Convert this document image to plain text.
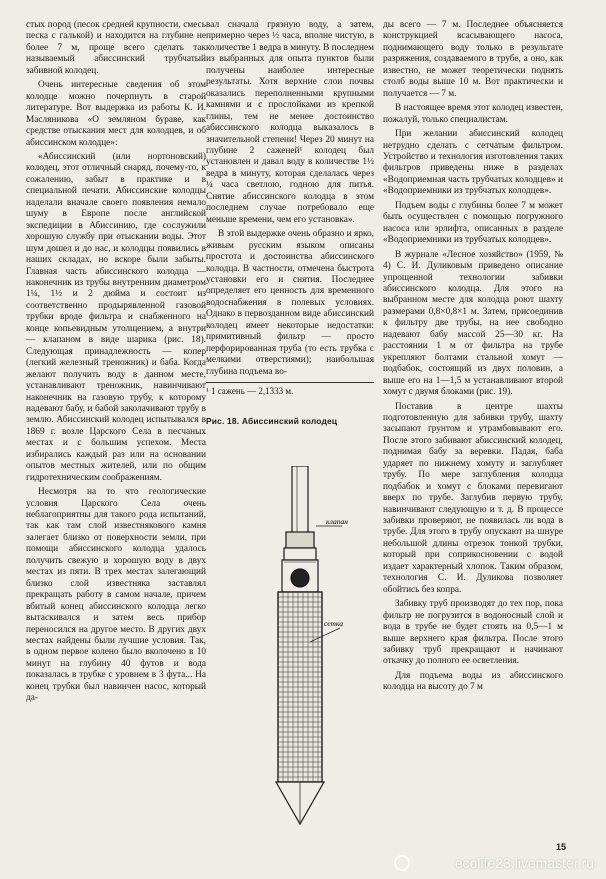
стых пород (песок средней крупности, смесь песка с галькой) и находится на глубине не более 7 м, проще всего сделать так называемый абиссинский трубчатый забивной колодец.

Очень интересные сведения об этом колодце можно почерпнуть в старой литературе. Вот выдержка из работы К. И. Масляникова «О земляном бураве, как средстве отыскания мест для колодцев, и об абиссинском колодце»:

«Абиссинский (или нортоновский) колодец, этот отличный снаряд, почему-то, к сожалению, забыт в практике и в специальной печати. Абиссинские колодцы наделали вначале своего появления немало шуму в Европе после английской экспедиции в Абиссинию, где сослужили хорошую службу при отыскании воды. Этот шум дошел и до нас, и колодцы появились в наших складах, но вскоре были забыты. Главная часть абиссинского колодца — наконечник из трубы внутренним диаметром 1¼, 1½ и 2 дюйма и состоит из соответственно продырявленной газовой трубки вроде фильтра и снабженного на конце копьевидным утолщением, а внутри — клапаном в виде шарика (рис. 18). Следующая принадлежность — копер (легкий железный треножник) и баба. Когда желают получить воду в данном месте, устанавливают треножник, навинчивают наконечник на газовую трубу, к которому надевают бабу, и бабой заколачивают трубу в землю. Абиссинский колодец испытывался в 1869 г. возле Царского Села в песчаных местах и с большим успехом. Места избирались каждый раз или на основании опытов местных жителей, или по общим гидротехническим соображениям.

Несмотря на то что геологические условия Царского Села очень неблагоприятны для такого рода испытаний, так как там слой известнякового камня залегает близко от поверхности земли, при помощи абиссинского колодца удалось получить свежую и хорошую воду в двух местах из пяти. В трех местах залегающий близко слой известняка заставлял прекращать работу в самом начале, причем вбитый конец абиссинского колодца легко вытаскивался и затем весь прибор переносился на другое место. В других двух местах найдены были лучшие условия. Так, в одном первое колено было вколочено в 10 минут на глубину 40 футов и вода показалась в трубке с уровнем в 3 фута... На конец трубки был навинчен насос, который да-

вал сначала грязную воду, а затем, примерно через ½ часа, вполне чистую, в количестве 1 ведра в минуту. В последнем из выбранных для опыта пунктов были получены наиболее интересные результаты. Хотя верхние слои почвы оказались переполненными крупными камнями и с прослойками из крепкой глины, тем не менее достоинство абиссинского колодца выказалось в значительной степени! Через 20 минут на глубине 2 саженей¹ колодец был установлен и давал воду в количестве 1½ ведра в минуту, которая сделалась через ¼ часа светлою, годною для питья. Снятие абиссинского колодца в этом последнем случае потребовало еще меньше времени, чем его установка».

В этой выдержке очень образно и ярко, живым русским языком описаны простота и достоинства абиссинского колодца. В частности, отмечена быстрота установки его и снятия. Последнее определяет его ценность для временного водоснабжения в полевых условиях. Однако в первозданном виде абиссинский колодец имеет некоторые недостатки: примитивный фильтр — просто перфорированная труба (то есть трубка с мелкими отверстиями); наибольшая глубина подъема во-

¹ 1 сажень — 2,1333 м.
Рис. 18. Абиссинский колодец
клапан
сетка

ды всего — 7 м. Последнее объясняется конструкцией всасывающего насоса, поднимающего воду только в результате разряжения, создаваемого в трубе, а оно, как известно, не может теоретически поднять столб воды выше 10 м. Вот практически и получается — 7 м.

В настоящее время этот колодец известен, пожалуй, только специалистам.

При желании абиссинский колодец нетрудно сделать с сетчатым фильтром. Устройство и технология изготовления таких фильтров приведены ниже в разделах «Водоприемная часть трубчатых колодцев» и «Водоприемники из трубчатых колодцев».

Подъем воды с глубины более 7 м может быть осуществлен с помощью погружного насоса или эрлифта, описанных в разделе «Водоприемники из трубчатых колодцев».

В журнале «Лесное хозяйство» (1959, № 4) С. И. Дуликовым приведено описание упрощенной технологии забивки абиссинского колодца. Для этого на выбранном месте для колодца роют шахту размерами 0,8×0,8×1 м. Затем, присоединив к фильтру две трубы, на нее свободно надевают бабу массой 25—30 кг. На расстоянии 1 м от фильтра на трубе укрепляют болтами стальной хомут — подбабок, состоящий из двух половин, а выше его на 1—1,5 м устанавливают второй хомут с двумя блоками (рис. 19).

Поставив в центре шахты подготовленную для забивки трубу, шахту засыпают грунтом и утрамбовывают его. После этого забивают абиссинский колодец, поднимая бабу за веревки. Падая, баба ударяет по нижнему хомуту и заглубляет трубу. По мере заглубления колодца подбабок и хомут с блоками перевигают вверх по трубе. Заглубив первую трубу, навинчивают следующую и т. д. В процессе забивки проверяют, не появилась ли вода в трубе. Для этого в трубу опускают на шнуре небольшой длины отрезок тонкой трубки, который при соприкосновении с водой издает характерный хлопок. Таким образом, технология С. И. Дуликова позволяет обойтись без копра.

Забивку труб производят до тех пор, пока фильтр не погрузится в водоносный слой и вода в трубе не будет стоять на 0,5—1 м выше верхнего края фильтра. После этого забивку труб прекращают и начинают откачку до полного ее осветления.

Для подъема воды из абиссинского колодца на высоту до 7 м

15
ecolife23.livemaster.ru
